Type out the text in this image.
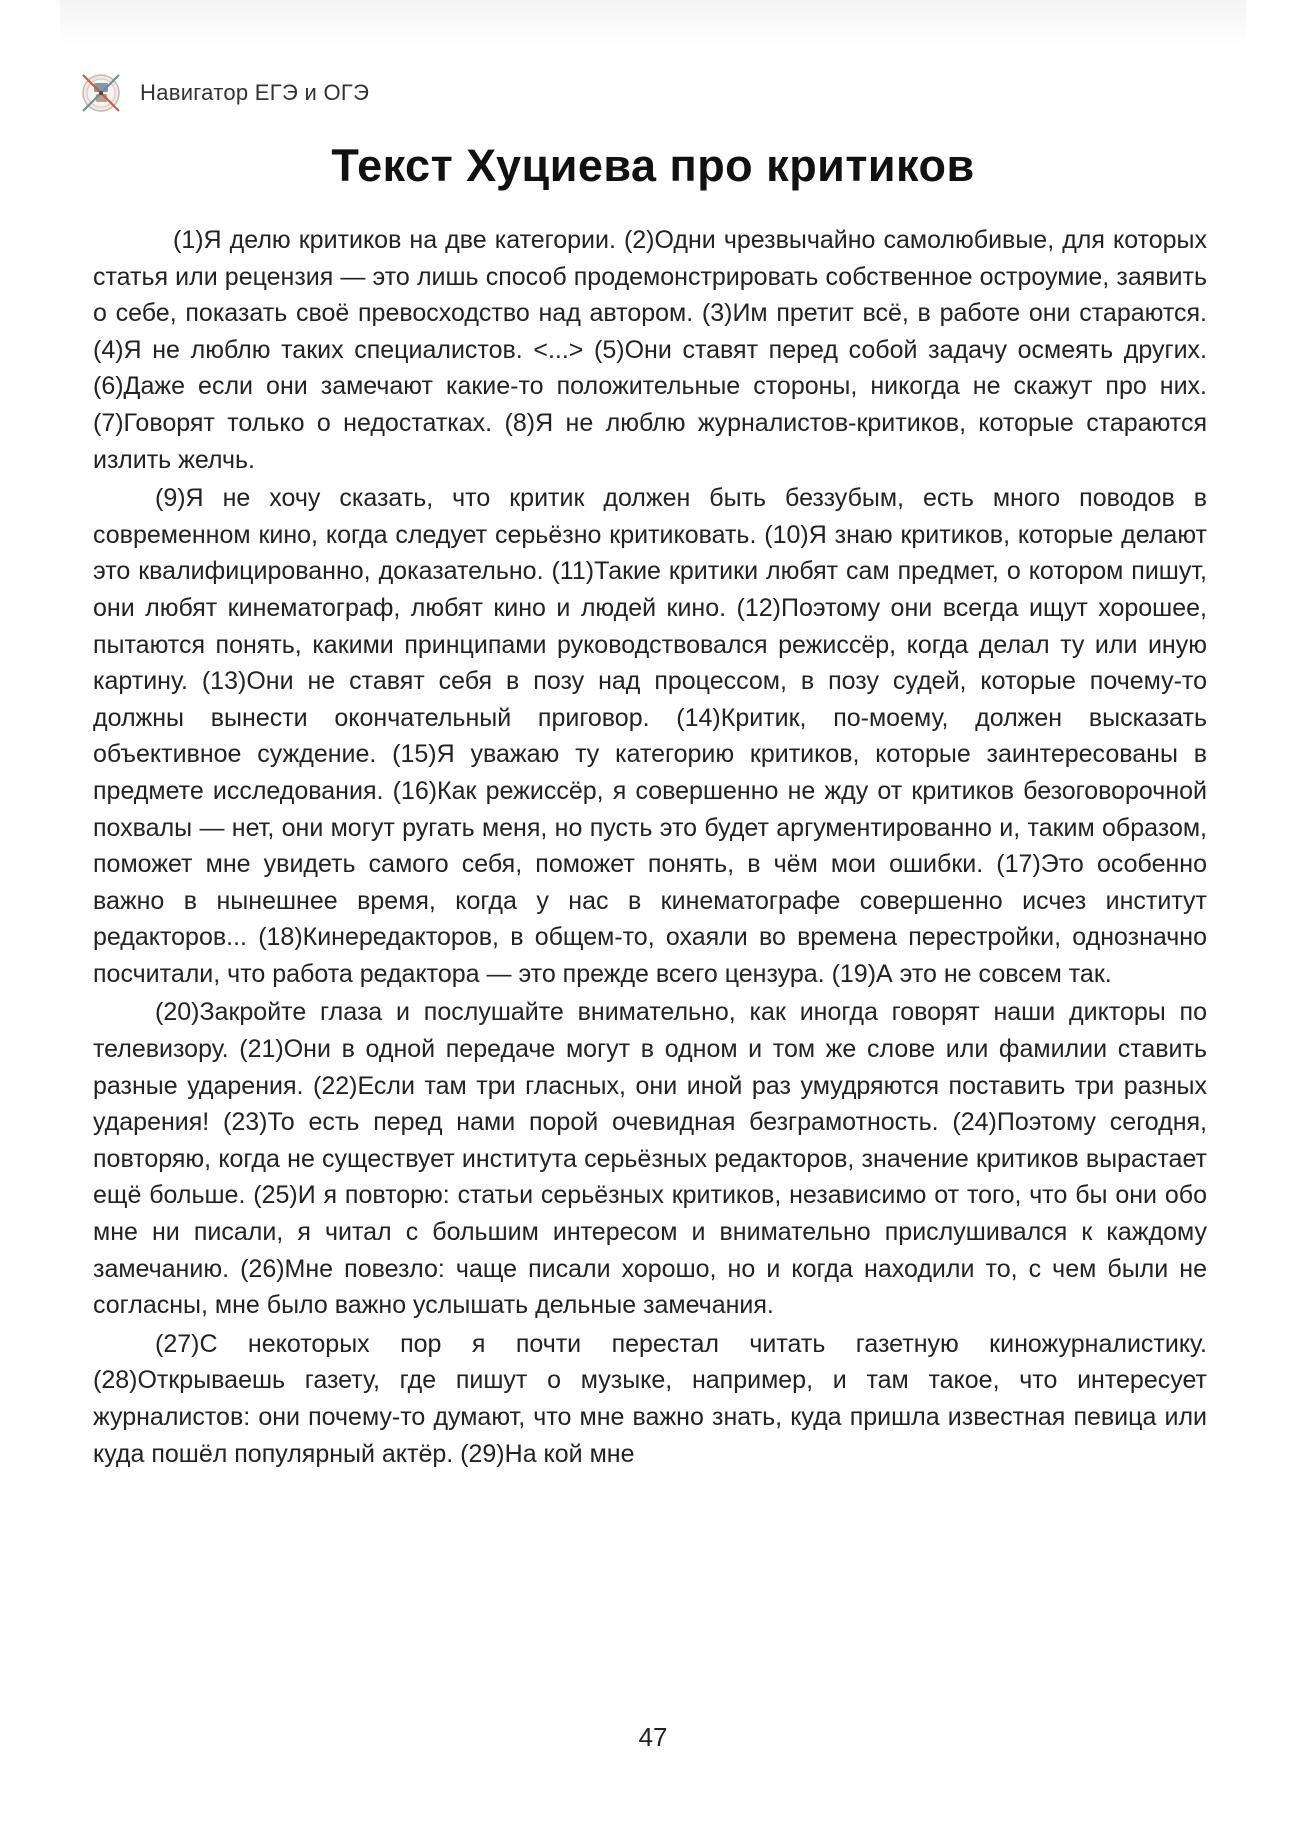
Навигатор ЕГЭ и ОГЭ
Текст Хуциева про критиков

(1)Я делю критиков на две категории. (2)Одни чрезвычайно самолюбивые, для которых статья или рецензия — это лишь способ продемонстрировать собственное остроумие, заявить о себе, показать своё превосходство над автором. (3)Им претит всё, в работе они стараются. (4)Я не люблю таких специалистов. <...> (5)Они ставят перед собой задачу осмеять других. (6)Даже если они замечают какие-то положительные стороны, никогда не скажут про них. (7)Говорят только о недостатках. (8)Я не люблю журналистов-критиков, которые стараются излить желчь.

(9)Я не хочу сказать, что критик должен быть беззубым, есть много поводов в современном кино, когда следует серьёзно критиковать. (10)Я знаю критиков, которые делают это квалифицированно, доказательно. (11)Такие критики любят сам предмет, о котором пишут, они любят кинематограф, любят кино и людей кино. (12)Поэтому они всегда ищут хорошее, пытаются понять, какими принципами руководствовался режиссёр, когда делал ту или иную картину. (13)Они не ставят себя в позу над процессом, в позу судей, которые почему-то должны вынести окончательный приговор. (14)Критик, по-моему, должен высказать объективное суждение. (15)Я уважаю ту категорию критиков, которые заинтересованы в предмете исследования. (16)Как режиссёр, я совершенно не жду от критиков безоговорочной похвалы — нет, они могут ругать меня, но пусть это будет аргументированно и, таким образом, поможет мне увидеть самого себя, поможет понять, в чём мои ошибки. (17)Это особенно важно в нынешнее время, когда у нас в кинематографе совершенно исчез институт редакторов... (18)Кинередакторов, в общем-то, охаяли во времена перестройки, однозначно посчитали, что работа редактора — это прежде всего цензура. (19)А это не совсем так.

(20)Закройте глаза и послушайте внимательно, как иногда говорят наши дикторы по телевизору. (21)Они в одной передаче могут в одном и том же слове или фамилии ставить разные ударения. (22)Если там три гласных, они иной раз умудряются поставить три разных ударения! (23)То есть перед нами порой очевидная безграмотность. (24)Поэтому сегодня, повторяю, когда не существует института серьёзных редакторов, значение критиков вырастает ещё больше. (25)И я повторю: статьи серьёзных критиков, независимо от того, что бы они обо мне ни писали, я читал с большим интересом и внимательно прислушивался к каждому замечанию. (26)Мне повезло: чаще писали хорошо, но и когда находили то, с чем были не согласны, мне было важно услышать дельные замечания.

(27)С некоторых пор я почти перестал читать газетную киножурналистику. (28)Открываешь газету, где пишут о музыке, например, и там такое, что интересует журналистов: они почему-то думают, что мне важно знать, куда пришла известная певица или куда пошёл популярный актёр. (29)На кой мне

47
